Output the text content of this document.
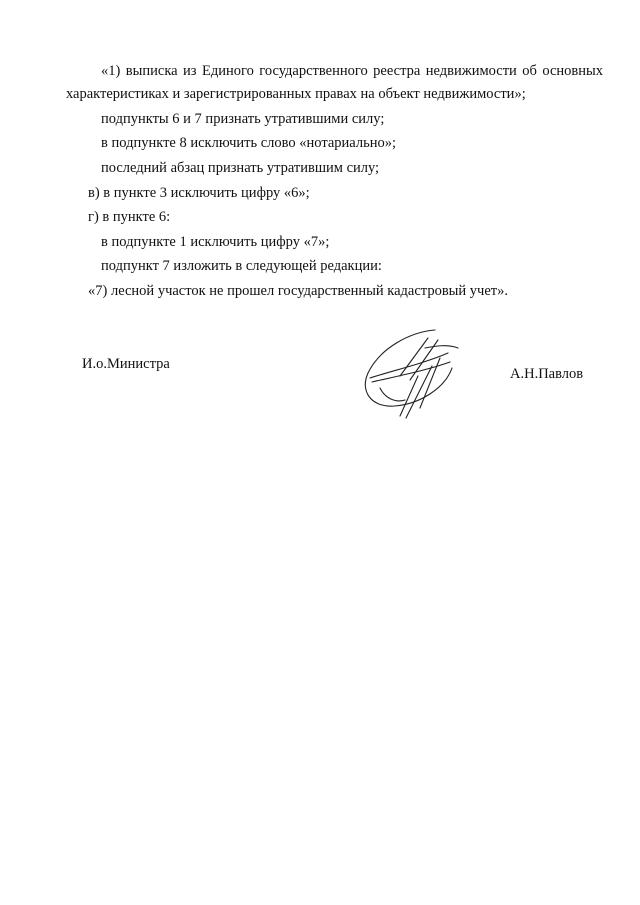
«1) выписка из Единого государственного реестра недвижимости об основных
характеристиках и зарегистрированных правах на объект недвижимости»;
подпункты 6 и 7 признать утратившими силу;
в подпункте 8 исключить слово «нотариально»;
последний абзац признать утратившим силу;
в) в пункте 3 исключить цифру «6»;
г) в пункте 6:
в подпункте 1 исключить цифру «7»;
подпункт 7 изложить в следующей редакции:
«7) лесной участок не прошел государственный кадастровый учет».
И.о.Министра
А.Н.Павлов
